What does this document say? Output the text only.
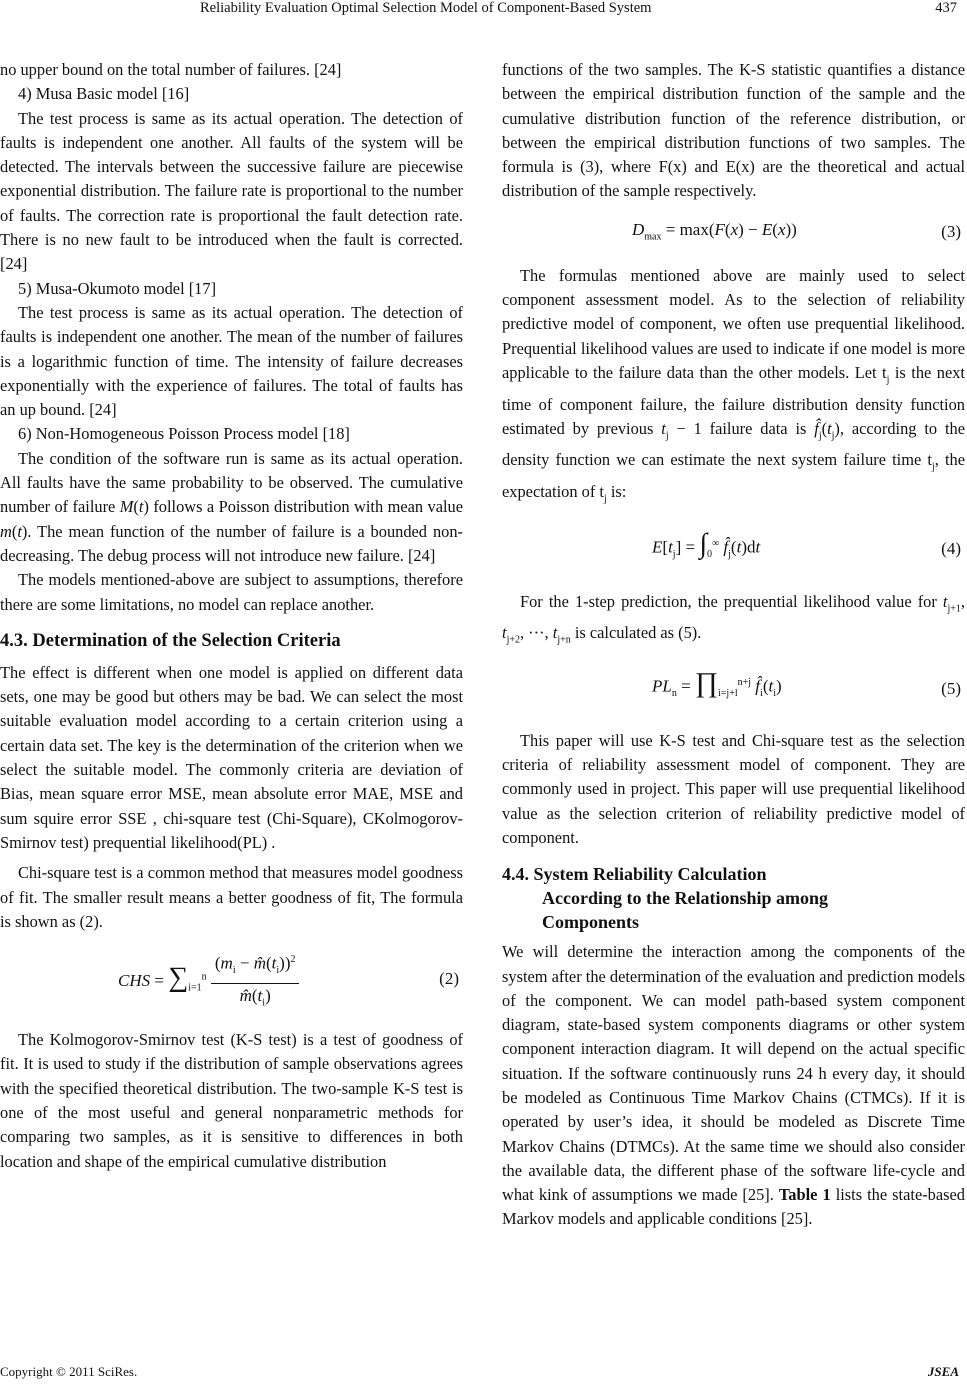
Reliability Evaluation Optimal Selection Model of Component-Based System	437

no upper bound on the total number of failures. [24]

4) Musa Basic model [16]

The test process is same as its actual operation. The detection of faults is independent one another. All faults of the system will be detected. The intervals between the successive failure are piecewise exponential distribution. The failure rate is proportional to the number of faults. The correction rate is proportional the fault detection rate. There is no new fault to be introduced when the fault is corrected. [24]

5) Musa-Okumoto model [17]

The test process is same as its actual operation. The detection of faults is independent one another. The mean of the number of failures is a logarithmic function of time. The intensity of failure decreases exponentially with the experience of failures. The total of faults has an up bound. [24]

6) Non-Homogeneous Poisson Process model [18]

The condition of the software run is same as its actual operation. All faults have the same probability to be observed. The cumulative number of failure M(t) follows a Poisson distribution with mean value m(t). The mean function of the number of failure is a bounded non-decreasing. The debug process will not introduce new failure. [24]

The models mentioned-above are subject to assumptions, therefore there are some limitations, no model can replace another.

4.3. Determination of the Selection Criteria

The effect is different when one model is applied on different data sets, one may be good but others may be bad. We can select the most suitable evaluation model according to a certain criterion using a certain data set. The key is the determination of the criterion when we select the suitable model. The commonly criteria are deviation of Bias, mean square error MSE, mean absolute error MAE, MSE and sum squire error SSE , chi-square test (Chi-Square), CKolmogorov-Smirnov test) prequential likelihood(PL) .

Chi-square test is a common method that measures model goodness of fit. The smaller result means a better goodness of fit, The formula is shown as (2).

CHS = $\sum_{i=1}^n \frac{(m_i - m̂(t_i))^2}{m̂(t_i)}$	(2)

The Kolmogorov-Smirnov test (K-S test) is a test of goodness of fit. It is used to study if the distribution of sample observations agrees with the specified theoretical distribution. The two-sample K-S test is one of the most useful and general nonparametric methods for comparing two samples, as it is sensitive to differences in both location and shape of the empirical cumulative distribution

functions of the two samples. The K-S statistic quantifies a distance between the empirical distribution function of the sample and the cumulative distribution function of the reference distribution, or between the empirical distribution functions of two samples. The formula is (3), where F(x) and E(x) are the theoretical and actual distribution of the sample respectively.

$D_{max} = \max(F(x) - E(x))$	(3)

The formulas mentioned above are mainly used to select component assessment model. As to the selection of reliability predictive model of component, we often use prequential likelihood. Prequential likelihood values are used to indicate if one model is more applicable to the failure data than the other models. Let $t_j$ is the next time of component failure, the failure distribution density function estimated by previous $t_j - 1$ failure data is $f̂_j(t_j)$, according to the density function we can estimate the next system failure time $t_j$, the expectation of $t_j$ is:

$E[t_j] = \int_0^\infty$ $f̂_j(t)dt$	(4)

For the 1-step prediction, the prequential likelihood value for $t_{j+1}$, $t_{j+2}$, ···, $t_{j+n}$ is calculated as (5).

$PL_n$ = $\prod_{i=j+l}^{n+j}$ $f̂_i(t_i)$	(5)

This paper will use K-S test and Chi-square test as the selection criteria of reliability assessment model of component. They are commonly used in project. This paper will use prequential likelihood value as the selection criterion of reliability predictive model of component.

4.4. System Reliability Calculation
According to the Relationship among
Components

We will determine the interaction among the components of the system after the determination of the evaluation and prediction models of the component. We can model path-based system component diagram, state-based system components diagrams or other system component interaction diagram. It will depend on the actual specific situation. If the software continuously runs 24 h every day, it should be modeled as Continuous Time Markov Chains (CTMCs). If it is operated by user’s idea, it should be modeled as Discrete Time Markov Chains (DTMCs). At the same time we should also consider the available data, the different phase of the software life-cycle and what kink of assumptions we made [25]. Table 1 lists the state-based Markov models and applicable conditions [25].

Copyright © 2011 SciRes.	JSEA
